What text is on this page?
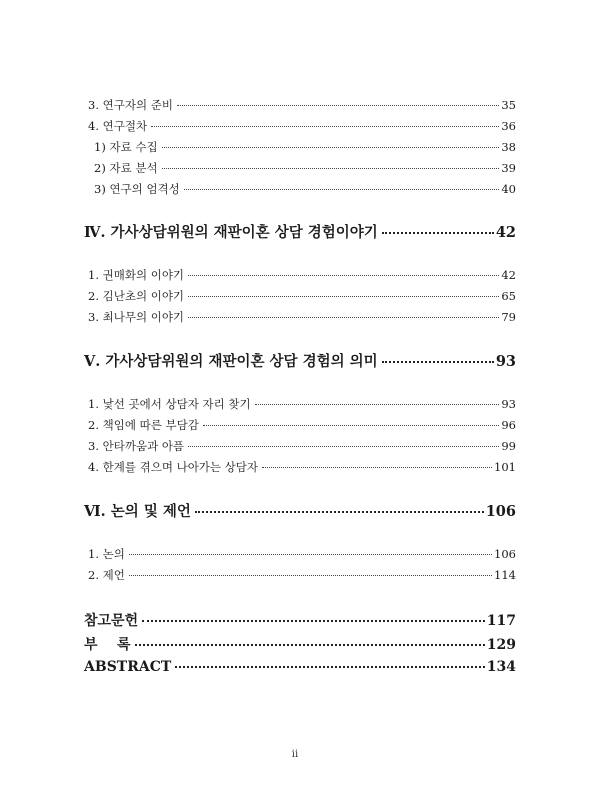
3. 연구자의 준비	35
4. 연구절차	36
1) 자료 수집	38
2) 자료 분석	39
3) 연구의 엄격성	40
Ⅳ. 가사상담위원의 재판이혼 상담 경험이야기	42
1. 권매화의 이야기	42
2. 김난초의 이야기	65
3. 최나무의 이야기	79
Ⅴ. 가사상담위원의 재판이혼 상담 경험의 의미	93
1. 낯선 곳에서 상담자 자리 찾기	93
2. 책임에 따른 부담감	96
3. 안타까움과 아픔	99
4. 한계를 겪으며 나아가는 상담자	101
Ⅵ. 논의 및 제언	106
1. 논의	106
2. 제언	114
참고문헌	117
부    록	129
ABSTRACT	134
ii
